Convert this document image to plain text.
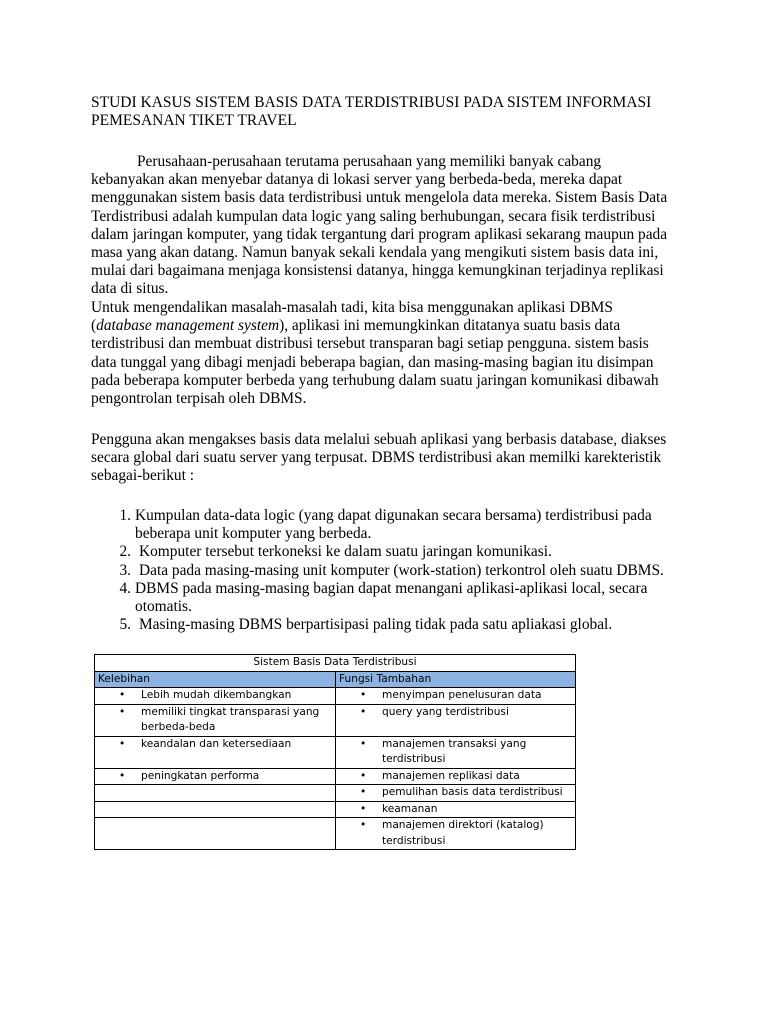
STUDI KASUS SISTEM BASIS DATA TERDISTRIBUSI PADA SISTEM INFORMASI
PEMESANAN TIKET TRAVEL

Perusahaan-perusahaan terutama perusahaan yang memiliki banyak cabang kebanyakan akan menyebar datanya di lokasi server yang berbeda-beda, mereka dapat menggunakan sistem basis data terdistribusi untuk mengelola data mereka. Sistem Basis Data Terdistribusi adalah kumpulan data logic yang saling berhubungan, secara fisik terdistribusi dalam jaringan komputer, yang tidak tergantung dari program aplikasi sekarang maupun pada masa yang akan datang. Namun banyak sekali kendala yang mengikuti sistem basis data ini, mulai dari bagaimana menjaga konsistensi datanya, hingga kemungkinan terjadinya replikasi data di situs.

Untuk mengendalikan masalah-masalah tadi, kita bisa menggunakan aplikasi DBMS (database management system), aplikasi ini memungkinkan ditatanya suatu basis data terdistribusi dan membuat distribusi tersebut transparan bagi setiap pengguna. sistem basis data tunggal yang dibagi menjadi beberapa bagian, dan masing-masing bagian itu disimpan pada beberapa komputer berbeda yang terhubung dalam suatu jaringan komunikasi dibawah pengontrolan terpisah oleh DBMS.

Pengguna akan mengakses basis data melalui sebuah aplikasi yang berbasis database, diakses secara global dari suatu server yang terpusat. DBMS terdistribusi akan memilki karekteristik sebagai-berikut :

1. Kumpulan data-data logic (yang dapat digunakan secara bersama) terdistribusi pada beberapa unit komputer yang berbeda.
2. Komputer tersebut terkoneksi ke dalam suatu jaringan komunikasi.
3. Data pada masing-masing unit komputer (work-station) terkontrol oleh suatu DBMS.
4. DBMS pada masing-masing bagian dapat menangani aplikasi-aplikasi local, secara otomatis.
5. Masing-masing DBMS berpartisipasi paling tidak pada satu apliakasi global.
Sistem Basis Data Terdistribusi	
Kelebihan	Fungsi Tambahan

• Lebih mudah dikembangkan	• menyimpan penelusuran data

• memiliki tingkat transparasi yang berbeda-beda	• query yang terdistribusi

• keandalan dan ketersediaan	• manajemen transaksi yang terdistribusi

• peningkatan performa	• manajemen replikasi data

	• pemulihan basis data terdistribusi

	• keamanan

	• manajemen direktori (katalog) terdistribusi
